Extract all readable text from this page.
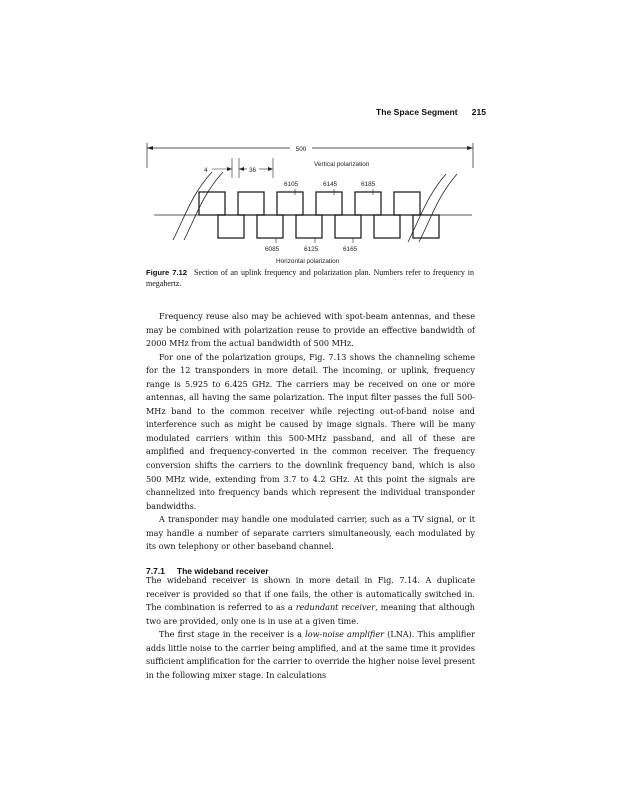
The Space Segment 215
500
4	36
Vertical polarization
6105	6145	6185
6085	6125	6165
Horizontal polarization
Figure 7.12 Section of an uplink frequency and polarization plan. Numbers refer to frequency in megahertz.

Frequency reuse also may be achieved with spot-beam antennas, and these may be combined with polarization reuse to provide an effective bandwidth of 2000 MHz from the actual bandwidth of 500 MHz.

For one of the polarization groups, Fig. 7.13 shows the channeling scheme for the 12 transponders in more detail. The incoming, or uplink, frequency range is 5.925 to 6.425 GHz. The carriers may be received on one or more antennas, all having the same polarization. The input filter passes the full 500-MHz band to the common receiver while rejecting out-of-band noise and interference such as might be caused by image signals. There will be many modulated carriers within this 500-MHz passband, and all of these are amplified and frequency-converted in the common receiver. The frequency conversion shifts the carriers to the downlink frequency band, which is also 500 MHz wide, extending from 3.7 to 4.2 GHz. At this point the signals are channelized into frequency bands which represent the individual transponder bandwidths.

A transponder may handle one modulated carrier, such as a TV signal, or it may handle a number of separate carriers simultaneously, each modulated by its own telephony or other baseband channel.

7.7.1 The wideband receiver

The wideband receiver is shown in more detail in Fig. 7.14. A duplicate receiver is provided so that if one fails, the other is automatically switched in. The combination is referred to as a redundant receiver, meaning that although two are provided, only one is in use at a given time.

The first stage in the receiver is a low-noise amplifier (LNA). This amplifier adds little noise to the carrier being amplified, and at the same time it provides sufficient amplification for the carrier to override the higher noise level present in the following mixer stage. In calculations
